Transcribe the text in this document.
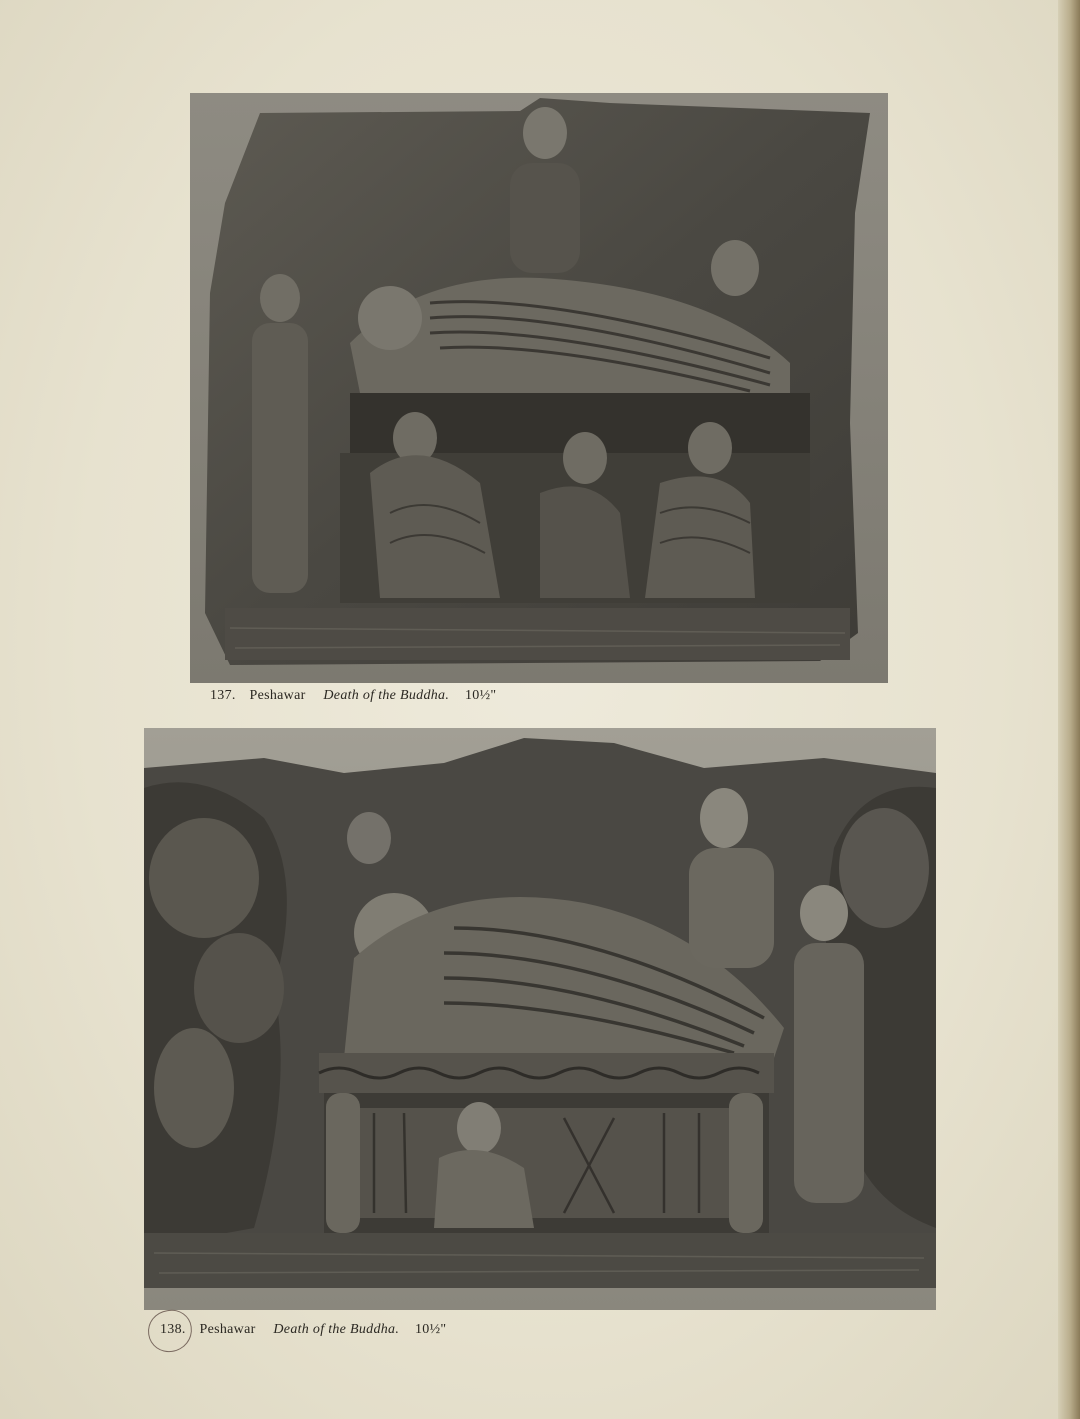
137. Peshawar Death of the Buddha. 10½"
138. Peshawar Death of the Buddha. 10½"
